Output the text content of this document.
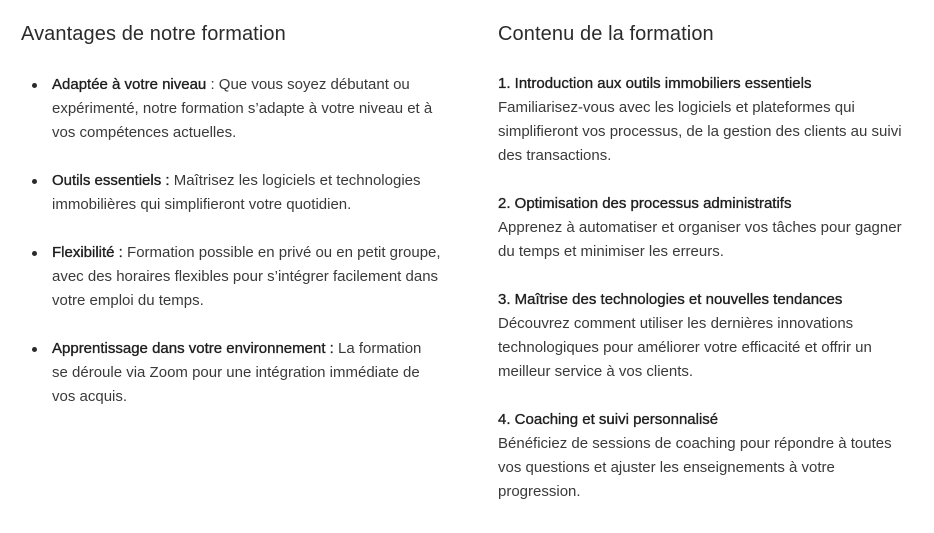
Avantages de notre formation
Adaptée à votre niveau : Que vous soyez débutant ou expérimenté, notre formation s’adapte à votre niveau et à vos compétences actuelles.
Outils essentiels : Maîtrisez les logiciels et technologies immobilières qui simplifieront votre quotidien.
Flexibilité : Formation possible en privé ou en petit groupe, avec des horaires flexibles pour s’intégrer facilement dans votre emploi du temps.
Apprentissage dans votre environnement : La formation se déroule via Zoom pour une intégration immédiate de vos acquis.
Contenu de la formation
1. Introduction aux outils immobiliers essentiels
Familiarisez-vous avec les logiciels et plateformes qui simplifieront vos processus, de la gestion des clients au suivi des transactions.
2. Optimisation des processus administratifs
Apprenez à automatiser et organiser vos tâches pour gagner du temps et minimiser les erreurs.
3. Maîtrise des technologies et nouvelles tendances
Découvrez comment utiliser les dernières innovations technologiques pour améliorer votre efficacité et offrir un meilleur service à vos clients.
4. Coaching et suivi personnalisé
Bénéficiez de sessions de coaching pour répondre à toutes vos questions et ajuster les enseignements à votre progression.
